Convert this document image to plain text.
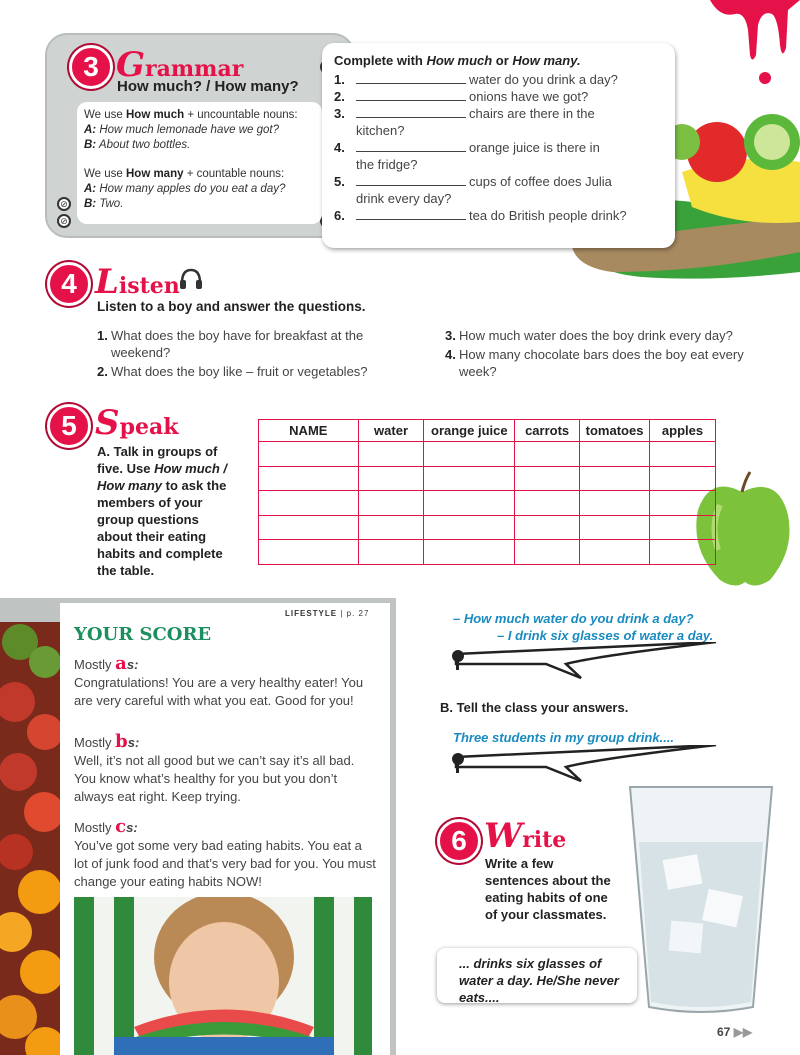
⊘
⊘
3 Grammar
How much? / How many?
We use How much + uncountable nouns:
A: How much lemonade have we got?
B: About two bottles.
We use How many + countable nouns:
A: How many apples do you eat a day?
B: Two.
Complete with How much or How many.
1.	water do you drink a day?
2.	onions have we got?
3.	chairs are there in the
kitchen?
4.	orange juice is there in
the fridge?
5.	cups of coffee does Julia
drink every day?
6.	tea do British people drink?
4 Listen
Listen to a boy and answer the questions.
1. What does the boy have for breakfast at the weekend?
2. What does the boy like – fruit or vegetables?
3. How much water does the boy drink every day?
4. How many chocolate bars does the boy eat every week?
5 Speak
A. Talk in groups of five. Use How much / How many to ask the members of your group questions about their eating habits and complete the table.
NAME	water	orange juice	carrots	tomatoes	apples

LIFESTYLE | p. 27
YOUR SCORE
Mostly as:
Congratulations! You are a very healthy eater! You are very careful with what you eat. Good for you!
Mostly bs:
Well, it’s not all good but we can’t say it’s all bad. You know what’s healthy for you but you don’t always eat right. Keep trying.
Mostly cs:
You’ve got some very bad eating habits. You eat a lot of junk food and that’s very bad for you. You must change your eating habits NOW!
– How much water do you drink a day?
– I drink six glasses of water a day.
B. Tell the class your answers.
Three students in my group drink....
6 Write
Write a few sentences about the eating habits of one of your classmates.
... drinks six glasses of water a day. He/She never eats....
67 ▶▶
